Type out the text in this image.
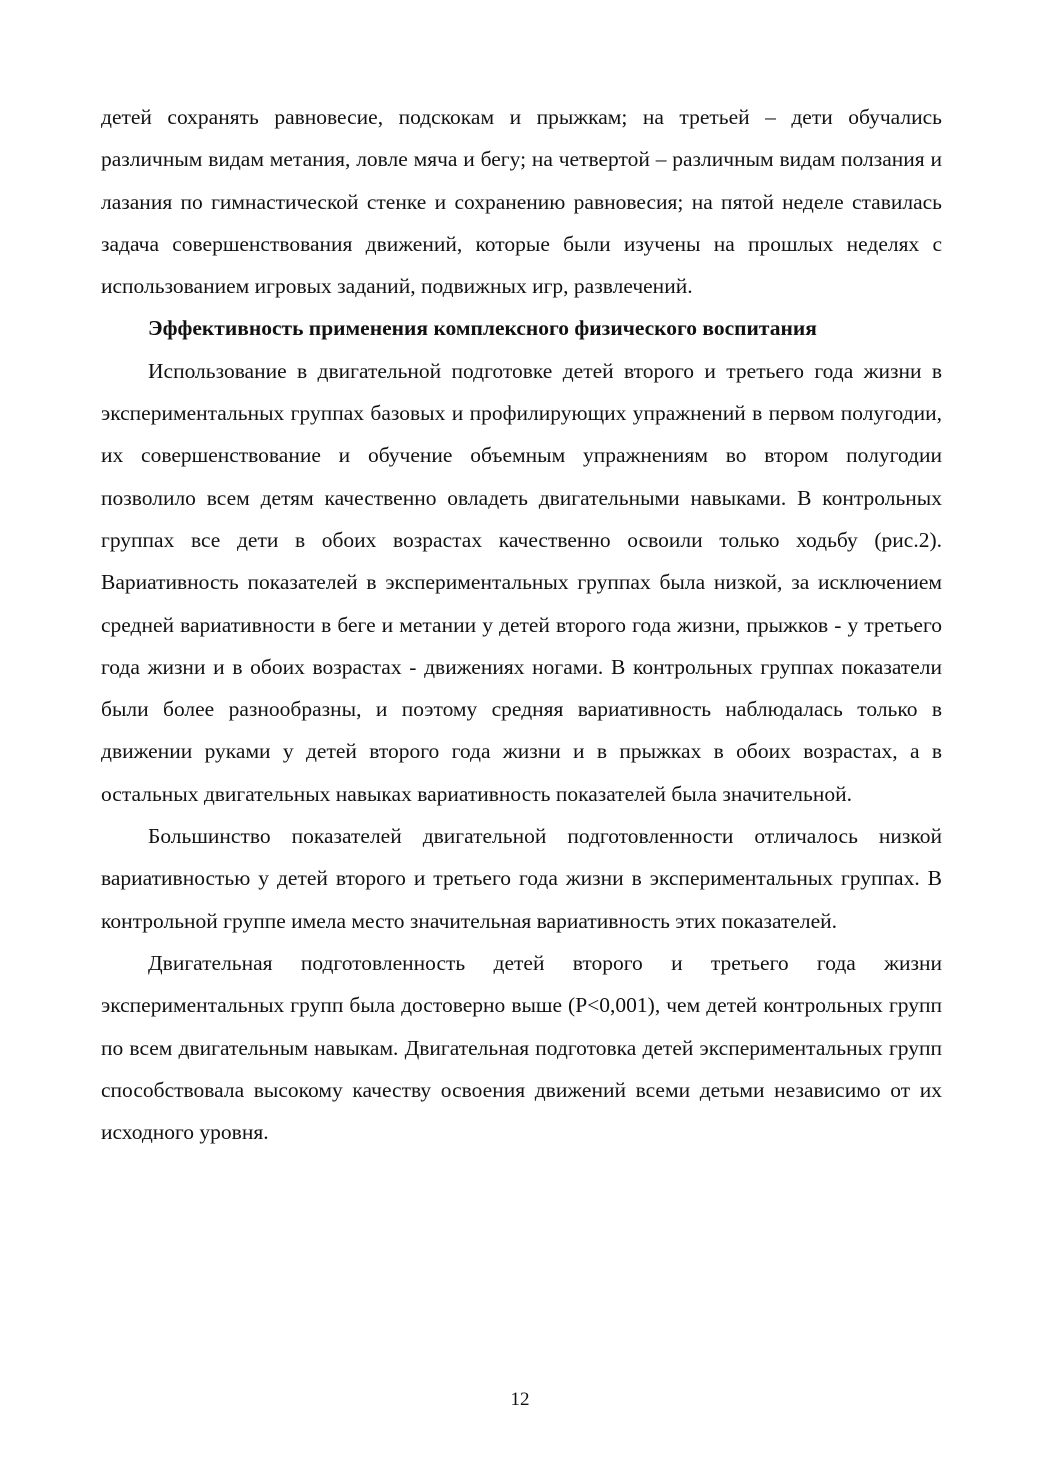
детей сохранять равновесие, подскокам и прыжкам; на третьей – дети обучались различным видам метания, ловле мяча и бегу; на четвертой – различным видам ползания и лазания по гимнастической стенке и сохранению равновесия; на пятой неделе ставилась задача совершенствования движений, которые были изучены на прошлых неделях с использованием игровых заданий, подвижных игр, развлечений.

Эффективность применения комплексного физического воспитания

Использование в двигательной подготовке детей второго и третьего года жизни в экспериментальных группах базовых и профилирующих упражнений в первом полугодии, их совершенствование и обучение объемным упражнениям во втором полугодии позволило всем детям качественно овладеть двигательными навыками. В контрольных группах все дети в обоих возрастах качественно освоили только ходьбу (рис.2). Вариативность показателей в экспериментальных группах была низкой, за исключением средней вариативности в беге и метании у детей второго года жизни, прыжков - у третьего года жизни и в обоих возрастах - движениях ногами. В контрольных группах показатели были более разнообразны, и поэтому средняя вариативность наблюдалась только в движении руками у детей второго года жизни и в прыжках в обоих возрастах, а в остальных двигательных навыках вариативность показателей была значительной.

Большинство показателей двигательной подготовленности отличалось низкой вариативностью у детей второго и третьего года жизни в экспериментальных группах. В контрольной группе имела место значительная вариативность этих показателей.

Двигательная подготовленность детей второго и третьего года жизни экспериментальных групп была достоверно выше (P<0,001), чем детей контрольных групп по всем двигательным навыкам. Двигательная подготовка детей экспериментальных групп способствовала высокому качеству освоения движений всеми детьми независимо от их исходного уровня.

12
